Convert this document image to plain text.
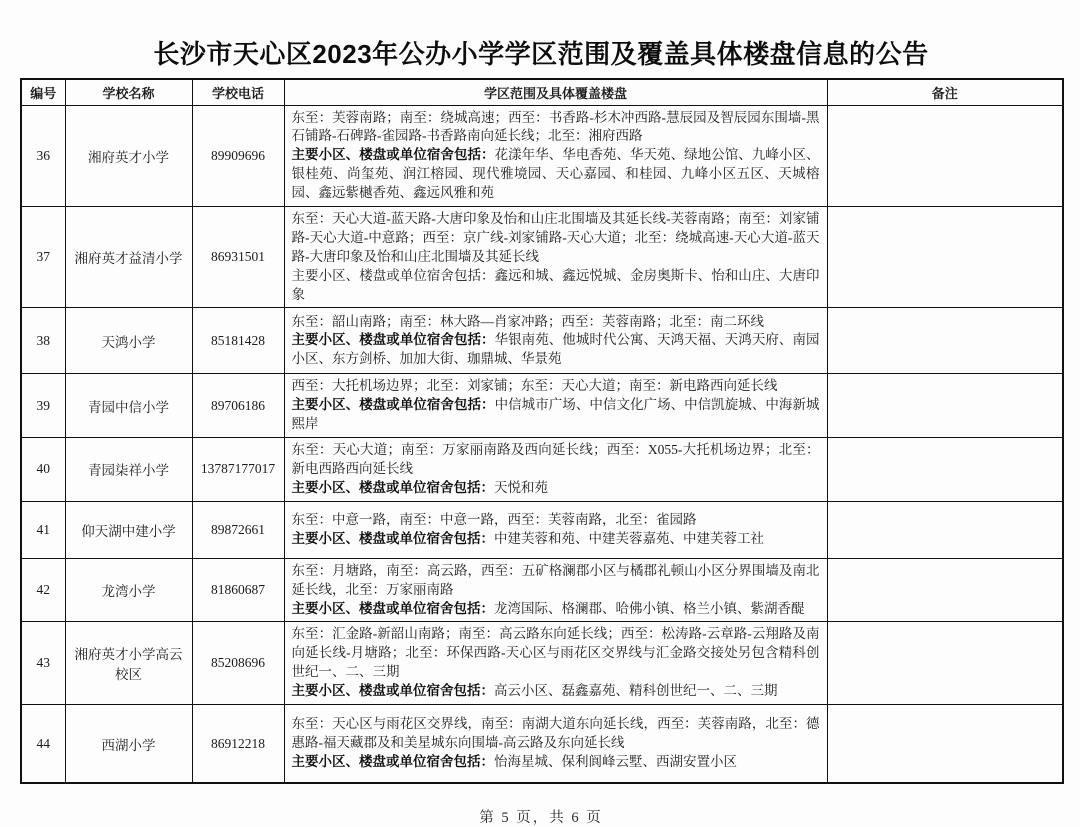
长沙市天心区2023年公办小学学区范围及覆盖具体楼盘信息的公告
编号	学校名称	学校电话	学区范围及具体覆盖楼盘	备注
36	湘府英才小学	89909696	东至：芙蓉南路；南至：绕城高速；西至：书香路-杉木冲西路-慧辰园及智辰园东围墙-黑石铺路-石碑路-雀园路-书香路南向延长线；北至：湘府西路
主要小区、楼盘或单位宿舍包括：花漾年华、华电香苑、华天苑、绿地公馆、九峰小区、银桂苑、尚玺苑、润江榕园、现代雅境园、天心嘉园、和桂园、九峰小区五区、天城榕园、鑫远紫樾香苑、鑫远风雅和苑	
37	湘府英才益清小学	86931501	东至：天心大道-蓝天路-大唐印象及怡和山庄北围墙及其延长线-芙蓉南路；南至：刘家铺路-天心大道-中意路；西至：京广线-刘家铺路-天心大道；北至：绕城高速-天心大道-蓝天路-大唐印象及怡和山庄北围墙及其延长线
主要小区、楼盘或单位宿舍包括：鑫远和城、鑫远悦城、金房奥斯卡、怡和山庄、大唐印象	
38	天鸿小学	85181428	东至：韶山南路；南至：林大路—肖家冲路；西至：芙蓉南路；北至：南二环线
主要小区、楼盘或单位宿舍包括：华银南苑、他城时代公寓、天鸿天福、天鸿天府、南园小区、东方剑桥、加加大街、珈鼎城、华景苑	
39	青园中信小学	89706186	西至：大托机场边界；北至：刘家铺；东至：天心大道；南至：新电路西向延长线
主要小区、楼盘或单位宿舍包括：中信城市广场、中信文化广场、中信凯旋城、中海新城熙岸	
40	青园柒祥小学	13787177017	东至：天心大道；南至：万家丽南路及西向延长线；西至：X055-大托机场边界；北至：新电西路西向延长线
主要小区、楼盘或单位宿舍包括：天悦和苑	
41	仰天湖中建小学	89872661	东至：中意一路，南至：中意一路，西至：芙蓉南路，北至：雀园路
主要小区、楼盘或单位宿舍包括：中建芙蓉和苑、中建芙蓉嘉苑、中建芙蓉工社	
42	龙湾小学	81860687	东至：月塘路，南至：高云路，西至：五矿格澜郡小区与橘郡礼顿山小区分界围墙及南北延长线，北至：万家丽南路
主要小区、楼盘或单位宿舍包括：龙湾国际、格澜郡、哈佛小镇、格兰小镇、紫湖香醍	
43	湘府英才小学高云校区	85208696	东至：汇金路-新韶山南路；南至：高云路东向延长线；西至：松涛路-云章路-云翔路及南向延长线-月塘路；北至：环保西路-天心区与雨花区交界线与汇金路交接处另包含精科创世纪一、二、三期
主要小区、楼盘或单位宿舍包括：高云小区、磊鑫嘉苑、精科创世纪一、二、三期	
44	西湖小学	86912218	东至：天心区与雨花区交界线，南至：南湖大道东向延长线，西至：芙蓉南路，北至：德惠路-福天藏郡及和美星城东向围墙-高云路及东向延长线
主要小区、楼盘或单位宿舍包括：怡海星城、保利阆峰云墅、西湖安置小区	
第 5 页，共 6 页
